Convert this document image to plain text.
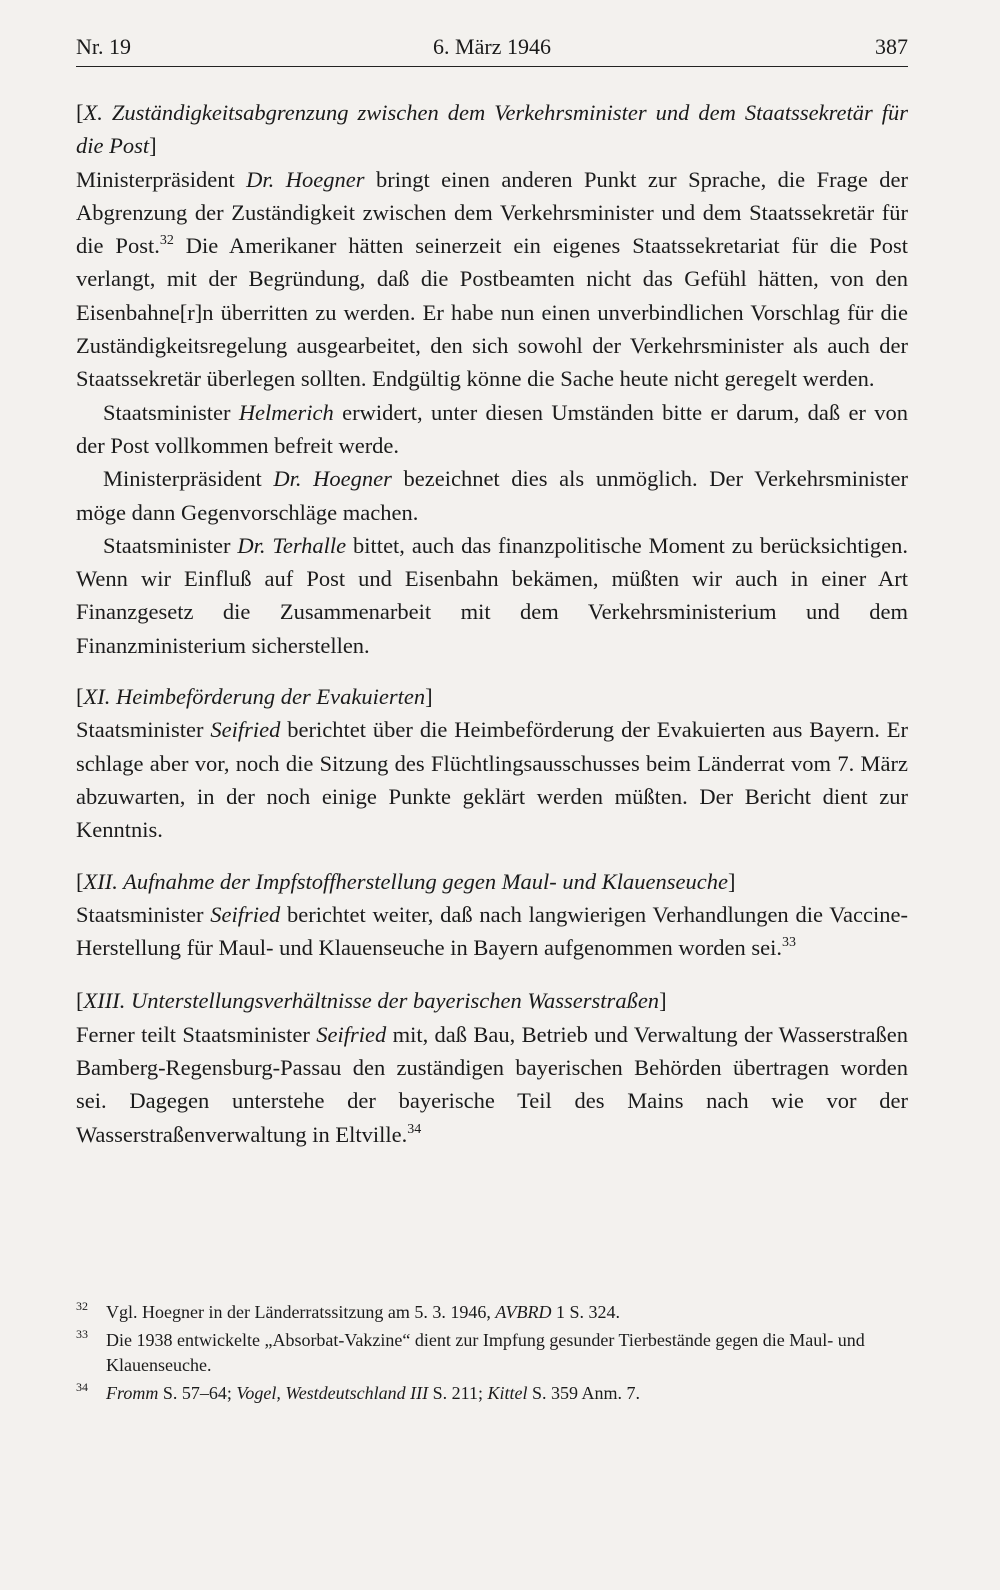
Nr. 19	6. März 1946	387

[X. Zuständigkeitsabgrenzung zwischen dem Verkehrsminister und dem Staatssekretär für die Post]

Ministerpräsident Dr. Hoegner bringt einen anderen Punkt zur Sprache, die Frage der Abgrenzung der Zuständigkeit zwischen dem Verkehrsminister und dem Staatssekretär für die Post.$^{32}$ Die Amerikaner hätten seinerzeit ein eigenes Staatssekretariat für die Post verlangt, mit der Begründung, daß die Postbeamten nicht das Gefühl hätten, von den Eisenbahne[r]n überritten zu werden. Er habe nun einen unverbindlichen Vorschlag für die Zuständigkeitsregelung ausgearbeitet, den sich sowohl der Verkehrsminister als auch der Staatssekretär überlegen sollten. Endgültig könne die Sache heute nicht geregelt werden.

Staatsminister Helmerich erwidert, unter diesen Umständen bitte er darum, daß er von der Post vollkommen befreit werde.

Ministerpräsident Dr. Hoegner bezeichnet dies als unmöglich. Der Verkehrsminister möge dann Gegenvorschläge machen.

Staatsminister Dr. Terhalle bittet, auch das finanzpolitische Moment zu berücksichtigen. Wenn wir Einfluß auf Post und Eisenbahn bekämen, müßten wir auch in einer Art Finanzgesetz die Zusammenarbeit mit dem Verkehrsministerium und dem Finanzministerium sicherstellen.

[XI. Heimbeförderung der Evakuierten]

Staatsminister Seifried berichtet über die Heimbeförderung der Evakuierten aus Bayern. Er schlage aber vor, noch die Sitzung des Flüchtlingsausschusses beim Länderrat vom 7. März abzuwarten, in der noch einige Punkte geklärt werden müßten. Der Bericht dient zur Kenntnis.

[XII. Aufnahme der Impfstoffherstellung gegen Maul- und Klauenseuche]

Staatsminister Seifried berichtet weiter, daß nach langwierigen Verhandlungen die Vaccine-Herstellung für Maul- und Klauenseuche in Bayern aufgenommen worden sei.$^{33}$

[XIII. Unterstellungsverhältnisse der bayerischen Wasserstraßen]

Ferner teilt Staatsminister Seifried mit, daß Bau, Betrieb und Verwaltung der Wasserstraßen Bamberg-Regensburg-Passau den zuständigen bayerischen Behörden übertragen worden sei. Dagegen unterstehe der bayerische Teil des Mains nach wie vor der Wasserstraßenverwaltung in Eltville.$^{34}$

32 Vgl. Hoegner in der Länderratssitzung am 5. 3. 1946, AVBRD 1 S. 324.

33 Die 1938 entwickelte „Absorbat-Vakzine“ dient zur Impfung gesunder Tierbestände gegen die Maul- und Klauenseuche.

34 Fromm S. 57–64; Vogel, Westdeutschland III S. 211; Kittel S. 359 Anm. 7.
